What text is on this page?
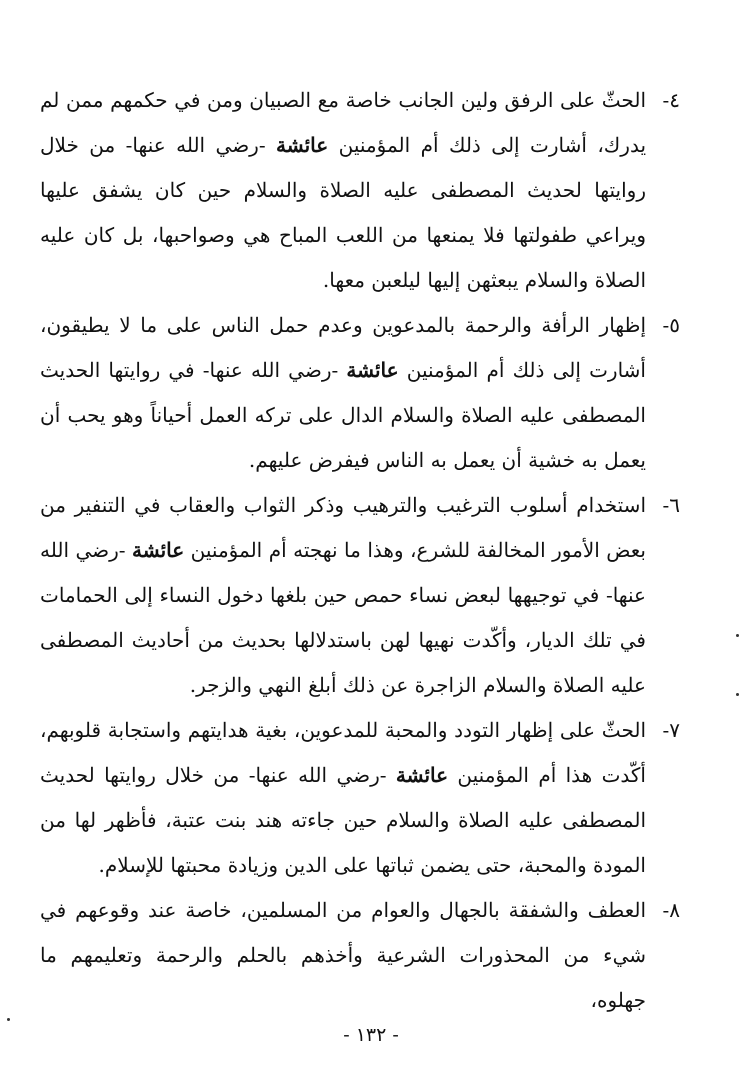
٤-
الحثّ على الرفق ولين الجانب خاصة مع الصبيان ومن في حكمهم ممن لم يدرك، أشارت إلى ذلك أم المؤمنين عائشة -رضي الله عنها- من خلال روايتها لحديث المصطفى عليه الصلاة والسلام حين كان يشفق عليها ويراعي طفولتها فلا يمنعها من اللعب المباح هي وصواحبها، بل كان عليه الصلاة والسلام يبعثهن إليها ليلعبن معها.

٥-
إظهار الرأفة والرحمة بالمدعوين وعدم حمل الناس على ما لا يطيقون، أشارت إلى ذلك أم المؤمنين عائشة -رضي الله عنها- في روايتها الحديث المصطفى عليه الصلاة والسلام الدال على تركه العمل أحياناً وهو يحب أن يعمل به خشية أن يعمل به الناس فيفرض عليهم.

٦-
استخدام أسلوب الترغيب والترهيب وذكر الثواب والعقاب في التنفير من بعض الأمور المخالفة للشرع، وهذا ما نهجته أم المؤمنين عائشة -رضي الله عنها- في توجيهها لبعض نساء حمص حين بلغها دخول النساء إلى الحمامات في تلك الديار، وأكّدت نهيها لهن باستدلالها بحديث من أحاديث المصطفى عليه الصلاة والسلام الزاجرة عن ذلك أبلغ النهي والزجر.

٧-
الحثّ على إظهار التودد والمحبة للمدعوين، بغية هدايتهم واستجابة قلوبهم، أكّدت هذا أم المؤمنين عائشة -رضي الله عنها- من خلال روايتها لحديث المصطفى عليه الصلاة والسلام حين جاءته هند بنت عتبة، فأظهر لها من المودة والمحبة، حتى يضمن ثباتها على الدين وزيادة محبتها للإسلام.

٨-
العطف والشفقة بالجهال والعوام من المسلمين، خاصة عند وقوعهم في شيء من المحذورات الشرعية وأخذهم بالحلم والرحمة وتعليمهم ما جهلوه،

- ١٣٢ -
